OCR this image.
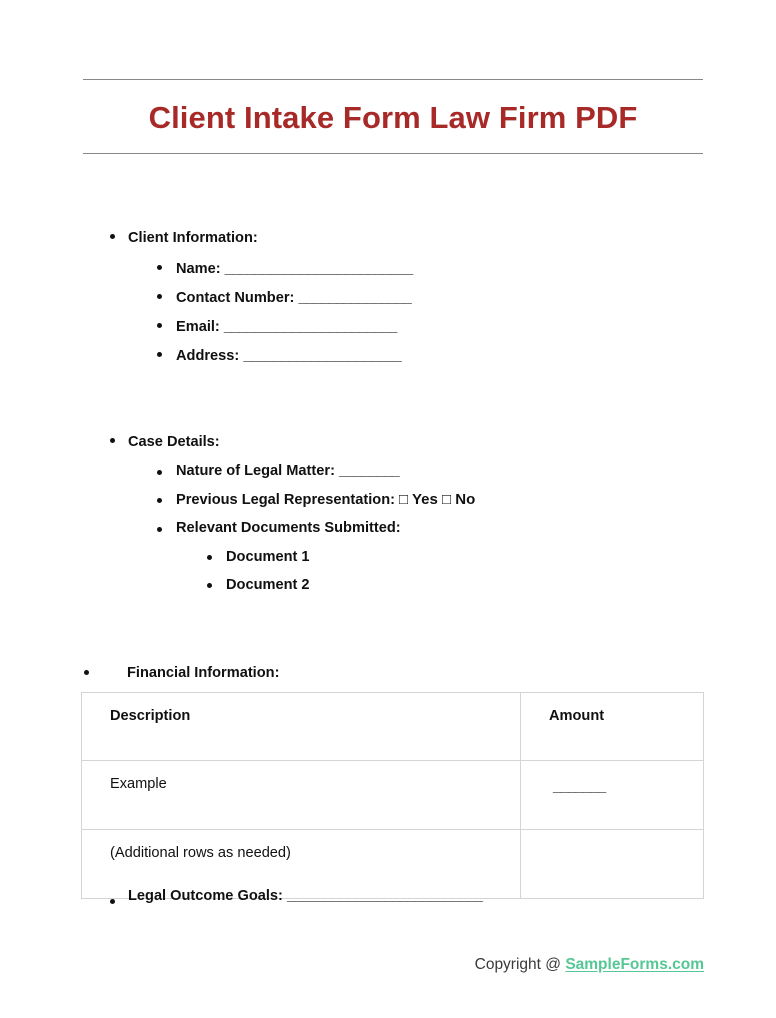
Client Intake Form Law Firm PDF
Client Information:
Name: _________________________
Contact Number: _______________
Email: _______________________
Address: _____________________
Case Details:
Nature of Legal Matter: ________
Previous Legal Representation: □ Yes □ No
Relevant Documents Submitted:
Document 1
Document 2
Financial Information:
Description	Amount
Example	_______
(Additional rows as needed)	
Legal Outcome Goals: __________________________
Copyright @ SampleForms.com
